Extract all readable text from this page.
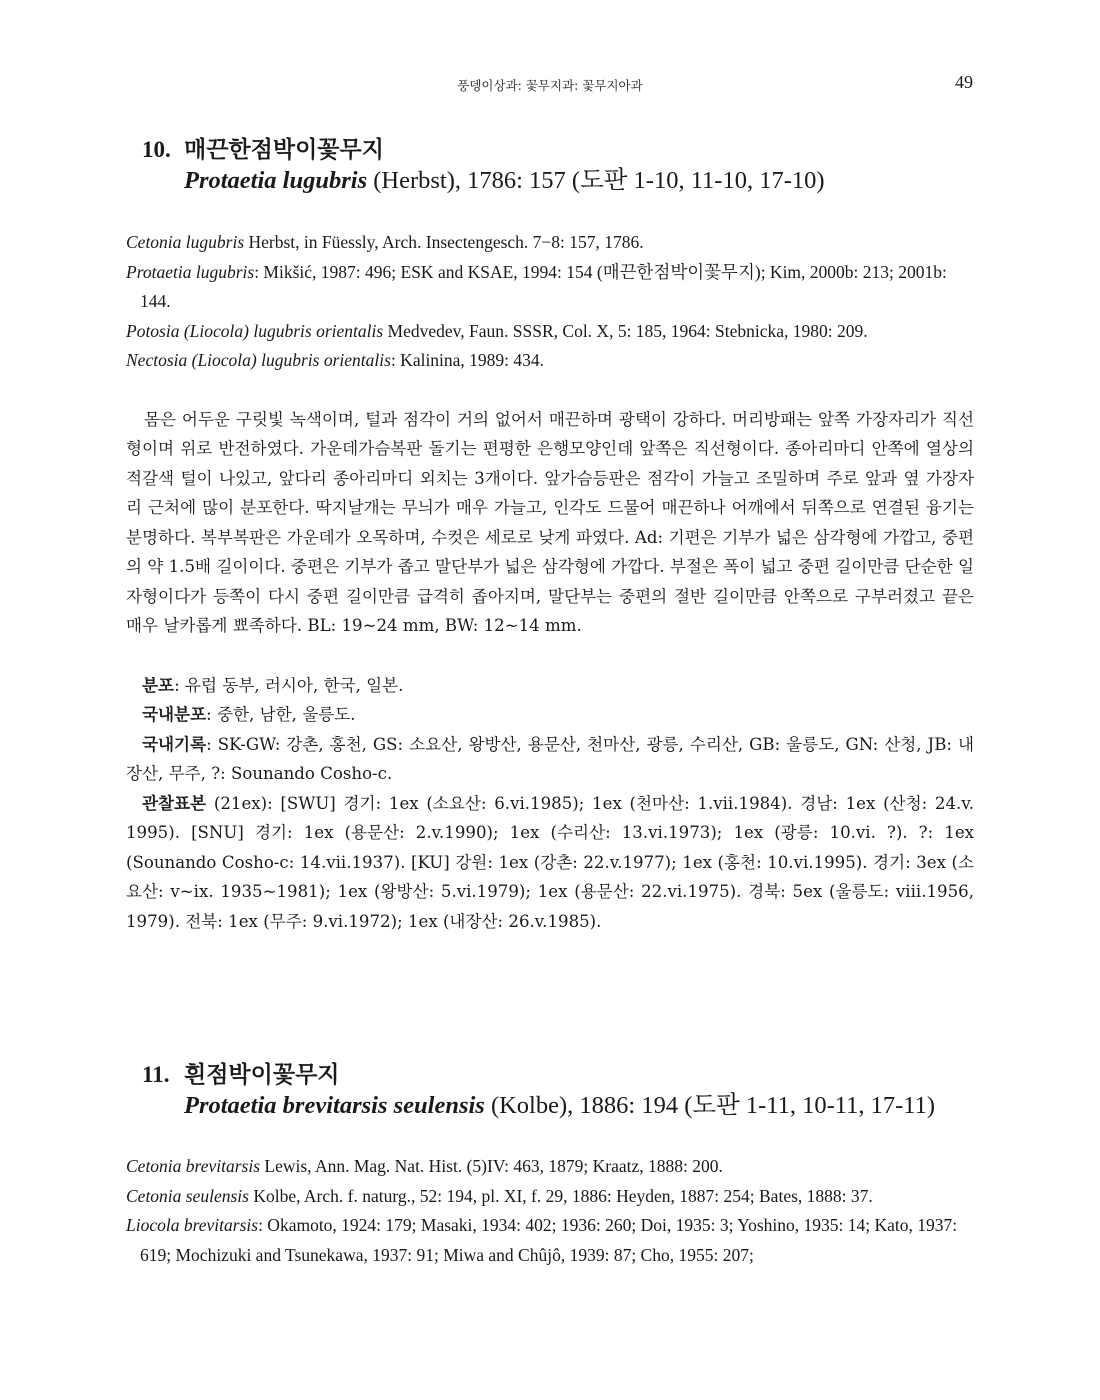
풍뎅이상과: 꽃무지과: 꽃무지아과	49
10. 매끈한점박이꽃무지
Protaetia lugubris (Herbst), 1786: 157 (도판 1-10, 11-10, 17-10)

Cetonia lugubris Herbst, in Füessly, Arch. Insectengesch. 7−8: 157, 1786.

Protaetia lugubris: Mikšić, 1987: 496; ESK and KSAE, 1994: 154 (매끈한점박이꽃무지); Kim, 2000b: 213; 2001b: 144.

Potosia (Liocola) lugubris orientalis Medvedev, Faun. SSSR, Col. X, 5: 185, 1964: Stebnicka, 1980: 209.

Nectosia (Liocola) lugubris orientalis: Kalinina, 1989: 434.

몸은 어두운 구릿빛 녹색이며, 털과 점각이 거의 없어서 매끈하며 광택이 강하다. 머리방패는 앞쪽 가장자리가 직선형이며 위로 반전하였다. 가운데가슴복판 돌기는 편평한 은행모양인데 앞쪽은 직선형이다. 종아리마디 안쪽에 열상의 적갈색 털이 나있고, 앞다리 종아리마디 외치는 3개이다. 앞가슴등판은 점각이 가늘고 조밀하며 주로 앞과 옆 가장자리 근처에 많이 분포한다. 딱지날개는 무늬가 매우 가늘고, 인각도 드물어 매끈하나 어깨에서 뒤쪽으로 연결된 융기는 분명하다. 복부복판은 가운데가 오목하며, 수컷은 세로로 낮게 파였다. Ad: 기편은 기부가 넓은 삼각형에 가깝고, 중편의 약 1.5배 길이이다. 중편은 기부가 좁고 말단부가 넓은 삼각형에 가깝다. 부절은 폭이 넓고 중편 길이만큼 단순한 일자형이다가 등쪽이 다시 중편 길이만큼 급격히 좁아지며, 말단부는 중편의 절반 길이만큼 안쪽으로 구부러졌고 끝은 매우 날카롭게 뾰족하다. BL: 19~24 mm, BW: 12~14 mm.

분포: 유럽 동부, 러시아, 한국, 일본.

국내분포: 중한, 남한, 울릉도.

국내기록: SK-GW: 강촌, 홍천, GS: 소요산, 왕방산, 용문산, 천마산, 광릉, 수리산, GB: 울릉도, GN: 산청, JB: 내장산, 무주, ?: Sounando Cosho-c.

관찰표본 (21ex): [SWU] 경기: 1ex (소요산: 6.vi.1985); 1ex (천마산: 1.vii.1984). 경남: 1ex (산청: 24.v. 1995). [SNU] 경기: 1ex (용문산: 2.v.1990); 1ex (수리산: 13.vi.1973); 1ex (광릉: 10.vi. ?). ?: 1ex (Sounando Cosho-c: 14.vii.1937). [KU] 강원: 1ex (강촌: 22.v.1977); 1ex (홍천: 10.vi.1995). 경기: 3ex (소요산: v~ix. 1935~1981); 1ex (왕방산: 5.vi.1979); 1ex (용문산: 22.vi.1975). 경북: 5ex (울릉도: viii.1956, 1979). 전북: 1ex (무주: 9.vi.1972); 1ex (내장산: 26.v.1985).

11. 흰점박이꽃무지
Protaetia brevitarsis seulensis (Kolbe), 1886: 194 (도판 1-11, 10-11, 17-11)

Cetonia brevitarsis Lewis, Ann. Mag. Nat. Hist. (5)IV: 463, 1879; Kraatz, 1888: 200.

Cetonia seulensis Kolbe, Arch. f. naturg., 52: 194, pl. XI, f. 29, 1886: Heyden, 1887: 254; Bates, 1888: 37.

Liocola brevitarsis: Okamoto, 1924: 179; Masaki, 1934: 402; 1936: 260; Doi, 1935: 3; Yoshino, 1935: 14; Kato, 1937: 619; Mochizuki and Tsunekawa, 1937: 91; Miwa and Chûjô, 1939: 87; Cho, 1955: 207;
